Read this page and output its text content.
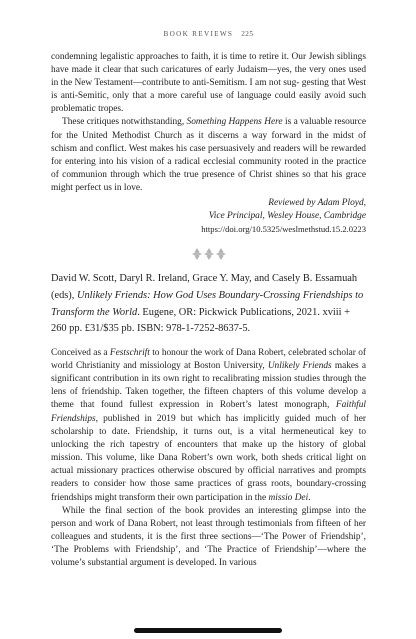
BOOK REVIEWS 225

condemning legalistic approaches to faith, it is time to retire it. Our Jewish siblings have made it clear that such caricatures of early Judaism—yes, the very ones used in the New Testament—contribute to anti-Semitism. I am not sug- gesting that West is anti-Semitic, only that a more careful use of language could easily avoid such problematic tropes.

These critiques notwithstanding, Something Happens Here is a valuable resource for the United Methodist Church as it discerns a way forward in the midst of schism and conflict. West makes his case persuasively and readers will be rewarded for entering into his vision of a radical ecclesial community rooted in the practice of communion through which the true presence of Christ shines so that his grace might perfect us in love.

Reviewed by Adam Ployd,
Vice Principal, Wesley House, Cambridge
https://doi.org/10.5325/weslmethstud.15.2.0223

David W. Scott, Daryl R. Ireland, Grace Y. May, and Casely B. Essamuah (eds), Unlikely Friends: How God Uses Boundary-Crossing Friendships to Transform the World. Eugene, OR: Pickwick Publications, 2021. xviii + 260 pp. £31/$35 pb. ISBN: 978-1-7252-8637-5.

Conceived as a Festschrift to honour the work of Dana Robert, celebrated scholar of world Christianity and missiology at Boston University, Unlikely Friends makes a significant contribution in its own right to recalibrating mission studies through the lens of friendship. Taken together, the fifteen chapters of this volume develop a theme that found fullest expression in Robert’s latest monograph, Faithful Friendships, published in 2019 but which has implicitly guided much of her scholarship to date. Friendship, it turns out, is a vital hermeneutical key to unlocking the rich tapestry of encounters that make up the history of global mission. This volume, like Dana Robert’s own work, both sheds critical light on actual missionary practices otherwise obscured by official narratives and prompts readers to consider how those same practices of grass roots, boundary-crossing friendships might transform their own participation in the missio Dei.

While the final section of the book provides an interesting glimpse into the person and work of Dana Robert, not least through testimonials from fifteen of her colleagues and students, it is the first three sections—‘The Power of Friendship’, ‘The Problems with Friendship’, and ‘The Practice of Friendship’—where the volume’s substantial argument is developed. In various
